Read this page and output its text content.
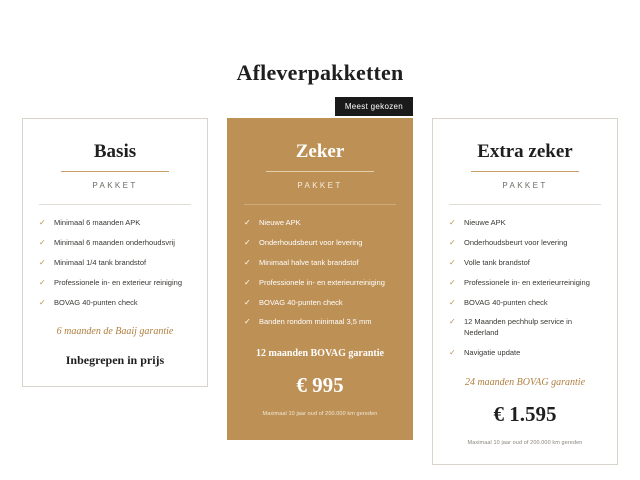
Afleverpakketten
Basis
PAKKET
✓	Minimaal 6 maanden APK
✓	Minimaal 6 maanden onderhoudsvrij
✓	Minimaal 1/4 tank brandstof
✓	Professionele in- en exterieur reiniging
✓	BOVAG 40-punten check
6 maanden de Baaij garantie
Inbegrepen in prijs
Meest gekozen
Zeker
PAKKET
✓	Nieuwe APK
✓	Onderhoudsbeurt voor levering
✓	Minimaal halve tank brandstof
✓	Professionele in- en exterieurreiniging
✓	BOVAG 40-punten check
✓	Banden rondom minimaal 3,5 mm
12 maanden BOVAG garantie
€ 995
Maximaal 10 jaar oud of 200.000 km gereden
Extra zeker
PAKKET
✓	Nieuwe APK
✓	Onderhoudsbeurt voor levering
✓	Volle tank brandstof
✓	Professionele in- en exterieurreiniging
✓	BOVAG 40-punten check
✓	12 Maanden pechhulp service in Nederland
✓	Navigatie update
24 maanden BOVAG garantie
€ 1.595
Maximaal 10 jaar oud of 200.000 km gereden
